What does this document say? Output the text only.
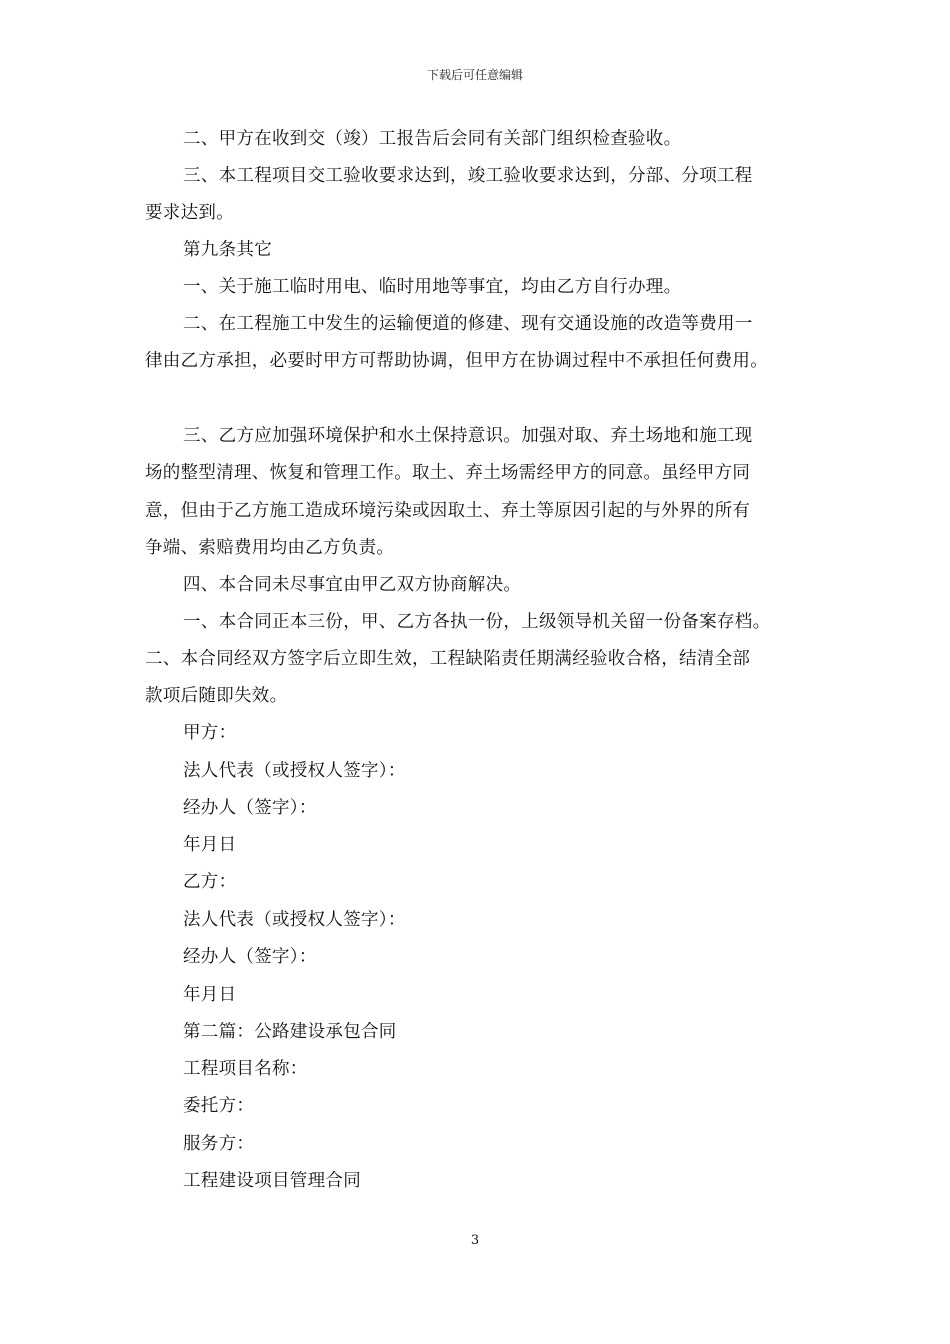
下载后可任意编辑
二、甲方在收到交（竣）工报告后会同有关部门组织检查验收。
三、本工程项目交工验收要求达到，竣工验收要求达到，分部、分项工程
要求达到。
第九条其它
一、关于施工临时用电、临时用地等事宜，均由乙方自行办理。
二、在工程施工中发生的运输便道的修建、现有交通设施的改造等费用一
律由乙方承担，必要时甲方可帮助协调，但甲方在协调过程中不承担任何费用。
三、乙方应加强环境保护和水土保持意识。加强对取、弃土场地和施工现
场的整型清理、恢复和管理工作。取土、弃土场需经甲方的同意。虽经甲方同
意，但由于乙方施工造成环境污染或因取土、弃土等原因引起的与外界的所有
争端、索赔费用均由乙方负责。
四、本合同未尽事宜由甲乙双方协商解决。
一、本合同正本三份，甲、乙方各执一份，上级领导机关留一份备案存档。
二、本合同经双方签字后立即生效，工程缺陷责任期满经验收合格，结清全部
款项后随即失效。
甲方：
法人代表（或授权人签字）：
经办人（签字）：
年月日
乙方：
法人代表（或授权人签字）：
经办人（签字）：
年月日
第二篇：公路建设承包合同
工程项目名称：
委托方：
服务方：
工程建设项目管理合同
3
